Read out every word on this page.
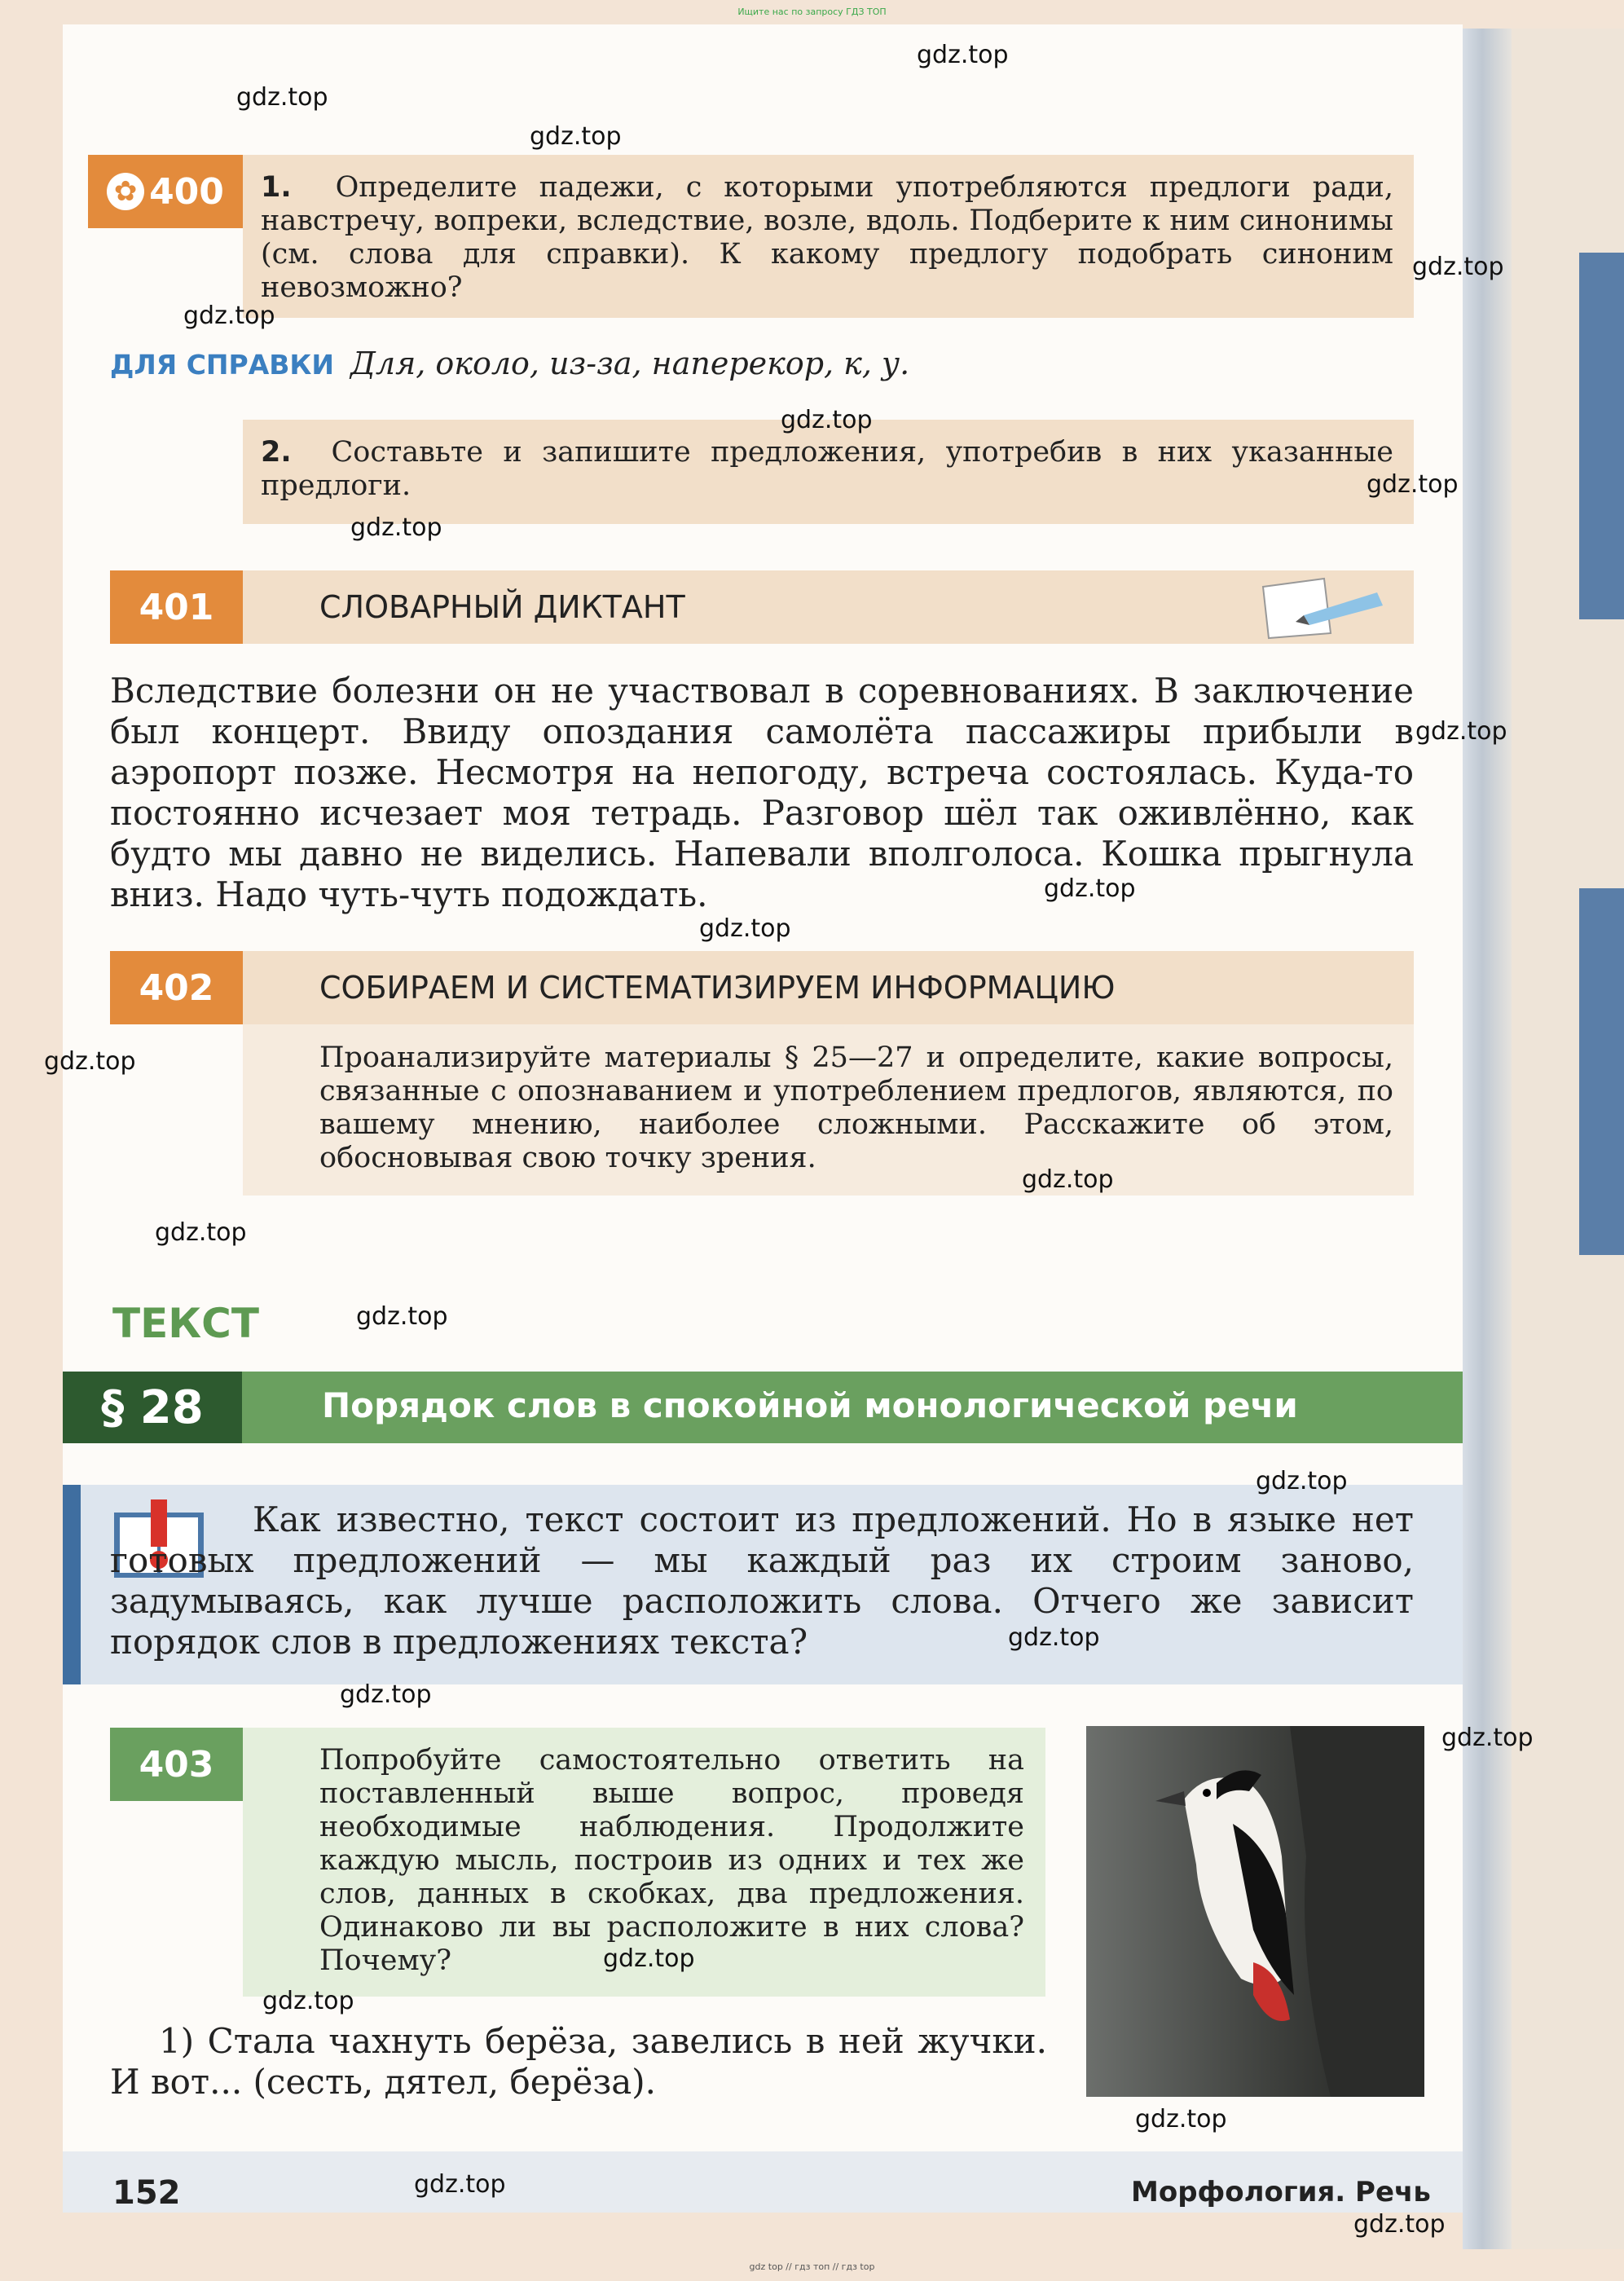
Ищите нас по запросу ГДЗ ТОП
✿ 400 1. Определите падежи, с которыми употребляются предлоги ради, навстречу, вопреки, вследствие, возле, вдоль. Подберите к ним синонимы (см. слова для справки). К какому предлогу подобрать синоним невозможно?
ДЛЯ СПРАВКИ Для, около, из-за, наперекор, к, у.
2. Составьте и запишите предложения, употребив в них указанные предлоги.
401	СЛОВАРНЫЙ ДИКТАНТ
Вследствие болезни он не участвовал в соревнованиях. В заключение был концерт. Ввиду опоздания самолёта пассажиры прибыли в аэропорт позже. Несмотря на непогоду, встреча состоялась. Куда-то постоянно исчезает моя тетрадь. Разговор шёл так оживлённо, как будто мы давно не виделись. Напевали вполголоса. Кошка прыгнула вниз. Надо чуть-чуть подождать.
402	СОБИРАЕМ И СИСТЕМАТИЗИРУЕМ ИНФОРМАЦИЮ
Проанализируйте материалы § 25—27 и определите, какие вопросы, связанные с опознаванием и употреблением предлогов, являются, по вашему мнению, наиболее сложными. Расскажите об этом, обосновывая свою точку зрения.
ТЕКСТ
§ 28	Порядок слов в спокойной монологической речи
Как известно, текст состоит из предложений. Но в языке нет готовых предложений — мы каждый раз их строим заново, задумываясь, как лучше расположить слова. Отчего же зависит порядок слов в предложениях текста?
403	Попробуйте самостоятельно ответить на поставленный выше вопрос, проведя необходимые наблюдения. Продолжите каждую мысль, построив из одних и тех же слов, данных в скобках, два предложения. Одинаково ли вы расположите в них слова? Почему?
1) Стала чахнуть берёза, завелись в ней жучки. И вот... (сесть, дятел, берёза).
152	Морфология. Речь
gdz top // гдз топ // гдз top
gdz.top
gdz.top
gdz.top
gdz.top
gdz.top
gdz.top
gdz.top
gdz.top
gdz.top
gdz.top
gdz.top
gdz.top
gdz.top
gdz.top
gdz.top
gdz.top
gdz.top
gdz.top
gdz.top
gdz.top
gdz.top
gdz.top
gdz.top
gdz.top
